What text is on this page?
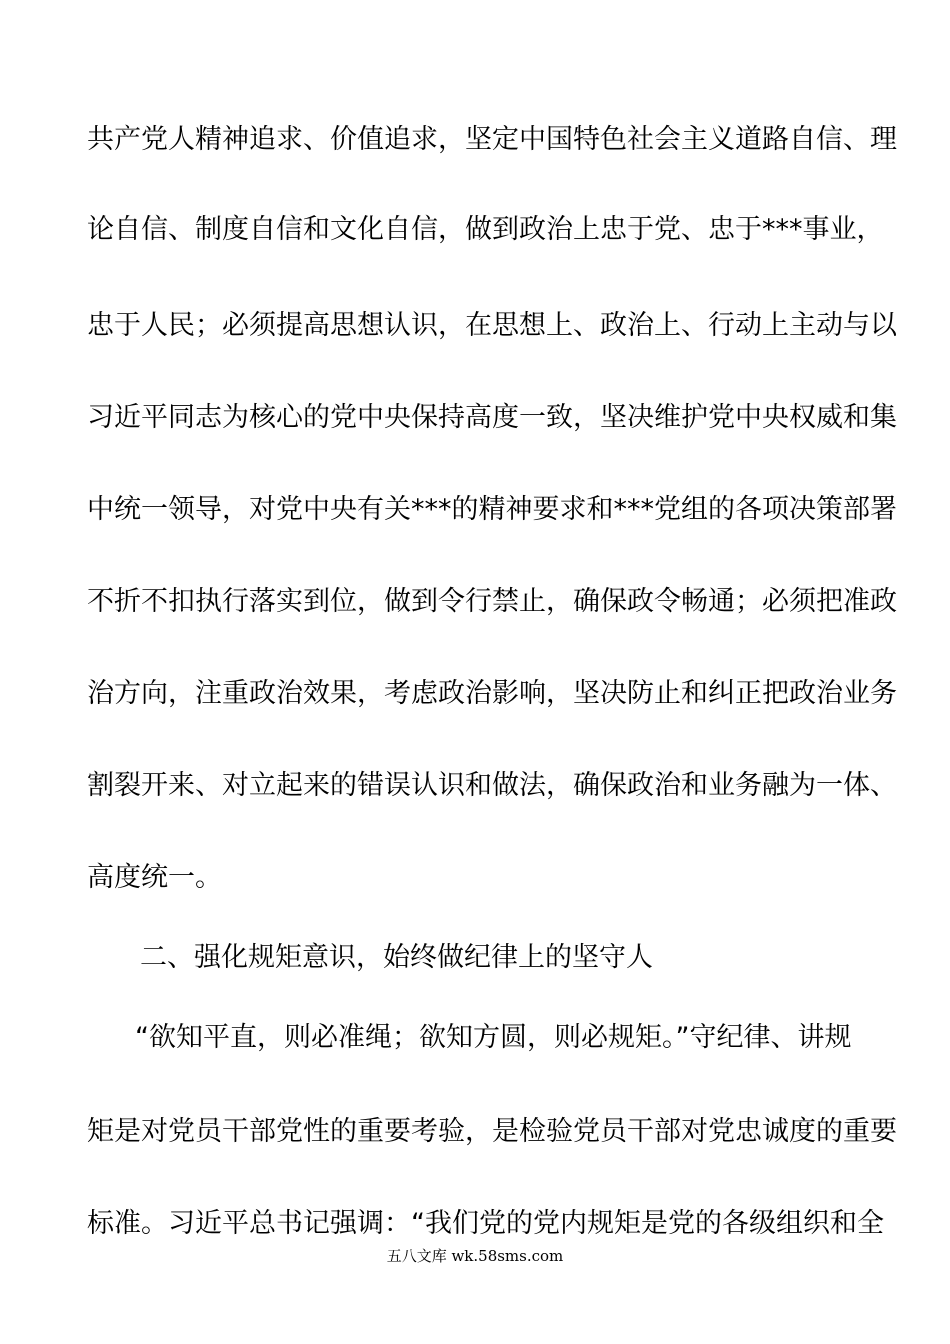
共产党人精神追求、价值追求，坚定中国特色社会主义道路自信、理
论自信、制度自信和文化自信，做到政治上忠于党、忠于***事业，
忠于人民；必须提高思想认识，在思想上、政治上、行动上主动与以
习近平同志为核心的党中央保持高度一致，坚决维护党中央权威和集
中统一领导，对党中央有关***的精神要求和***党组的各项决策部署
不折不扣执行落实到位，做到令行禁止，确保政令畅通；必须把准政
治方向，注重政治效果，考虑政治影响，坚决防止和纠正把政治业务
割裂开来、对立起来的错误认识和做法，确保政治和业务融为一体、
高度统一。
二、强化规矩意识，始终做纪律上的坚守人
“欲知平直，则必准绳；欲知方圆，则必规矩。”守纪律、讲规
矩是对党员干部党性的重要考验，是检验党员干部对党忠诚度的重要
标准。习近平总书记强调：“我们党的党内规矩是党的各级组织和全
五八文库 wk.58sms.com
